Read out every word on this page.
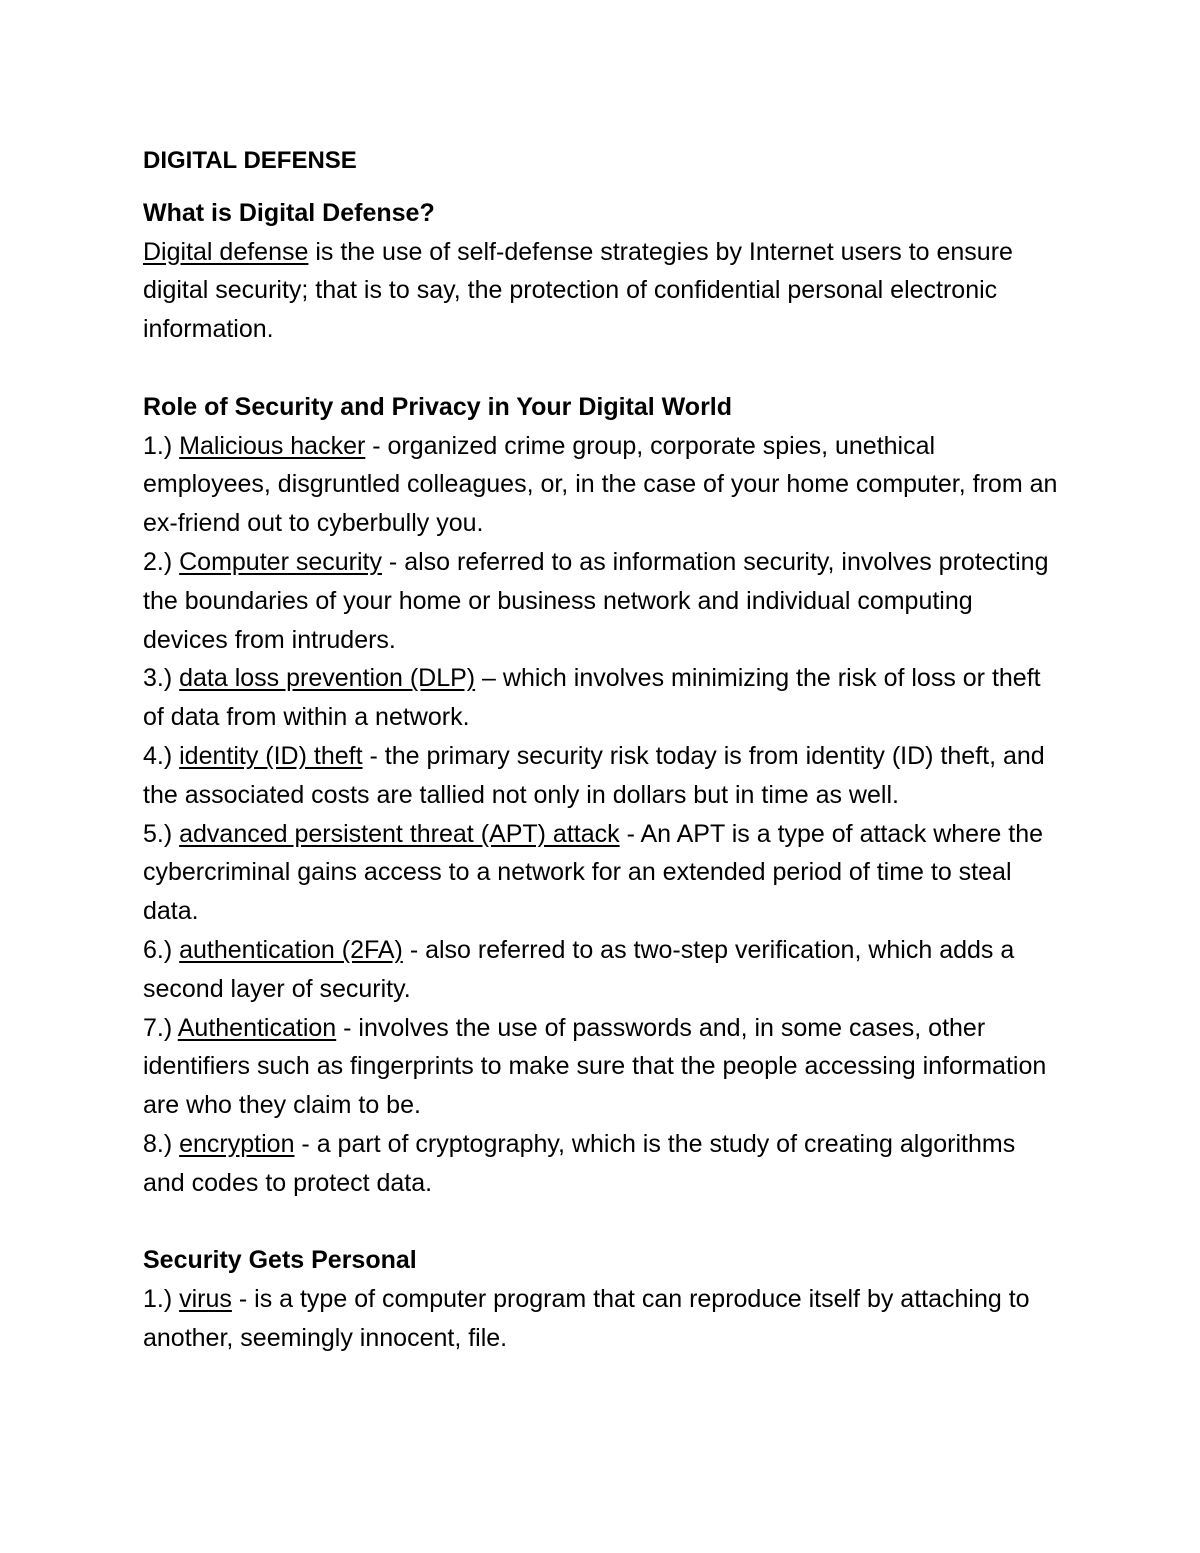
DIGITAL DEFENSE

What is Digital Defense?

Digital defense is the use of self-defense strategies by Internet users to ensure digital security; that is to say, the protection of confidential personal electronic information.

Role of Security and Privacy in Your Digital World

1.) Malicious hacker - organized crime group, corporate spies, unethical employees, disgruntled colleagues, or, in the case of your home computer, from an ex-friend out to cyberbully you.

2.) Computer security - also referred to as information security, involves protecting the boundaries of your home or business network and individual computing devices from intruders.

3.) data loss prevention (DLP) – which involves minimizing the risk of loss or theft of data from within a network.

4.) identity (ID) theft - the primary security risk today is from identity (ID) theft, and the associated costs are tallied not only in dollars but in time as well.

5.) advanced persistent threat (APT) attack - An APT is a type of attack where the cybercriminal gains access to a network for an extended period of time to steal data.

6.) authentication (2FA) - also referred to as two-step verification, which adds a second layer of security.

7.) Authentication - involves the use of passwords and, in some cases, other identifiers such as fingerprints to make sure that the people accessing information are who they claim to be.

8.) encryption - a part of cryptography, which is the study of creating algorithms and codes to protect data.

Security Gets Personal

1.) virus - is a type of computer program that can reproduce itself by attaching to another, seemingly innocent, file.
